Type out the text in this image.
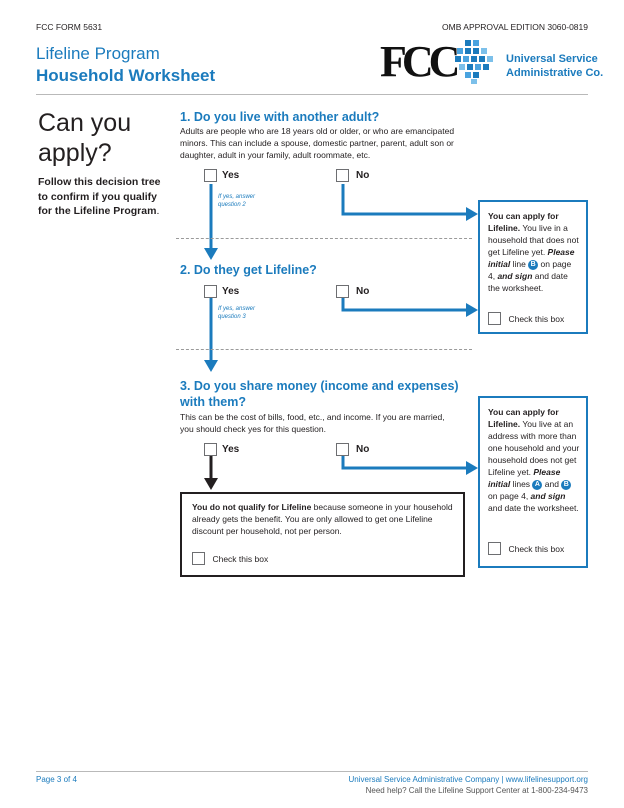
FCC FORM 5631	OMB APPROVAL EDITION 3060-0819
Lifeline Program
Household Worksheet	FCC	Universal Service
Administrative Co.
Can you
apply?
Follow this decision tree to confirm if you qualify for the Lifeline Program.
1. Do you live with another adult?
Adults are people who are 18 years old or older, or who are emancipated minors. This can include a spouse, domestic partner, parent, adult son or daughter, adult in your family, adult roommate, etc.
Yes	No
If yes, answer
question 2
2. Do they get Lifeline?
Yes	No
If yes, answer
question 3
3. Do you share money (income and expenses)
with them?
This can be the cost of bills, food, etc., and income. If you are married, you should check yes for this question.
Yes	No
You can apply for Lifeline. You live in a household that does not get Lifeline yet. Please initial line B on page 4, and sign and date the worksheet.
Check this box
You can apply for Lifeline. You live at an address with more than one household and your household does not get Lifeline yet. Please initial lines A and B on page 4, and sign and date the worksheet.
Check this box
You do not qualify for Lifeline because someone in your household already gets the benefit. You are only allowed to get one Lifeline discount per household, not per person.
Check this box
Page 3 of 4	Universal Service Administrative Company | www.lifelinesupport.org
Need help? Call the Lifeline Support Center at 1-800-234-9473
